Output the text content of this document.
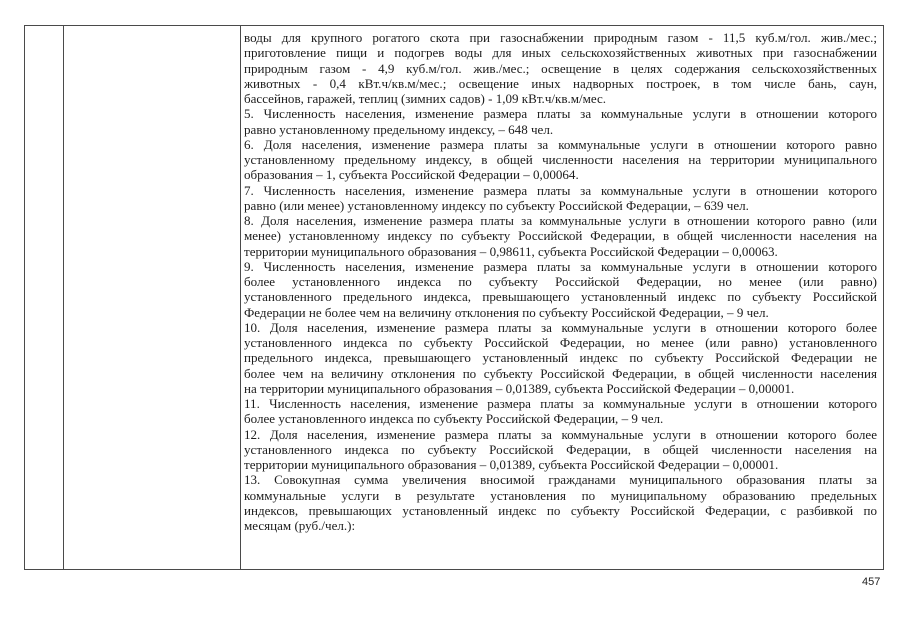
воды для крупного рогатого скота при газоснабжении природным газом - 11,5 куб.м/гол. жив./мес.;
приготовление пищи и подогрев воды для иных сельскохозяйственных животных при газоснабжении
природным газом - 4,9 куб.м/гол. жив./мес.; освещение в целях содержания сельскохозяйственных
животных - 0,4 кВт.ч/кв.м/мес.; освещение иных надворных построек, в том числе бань, саун,
бассейнов, гаражей, теплиц (зимних садов) - 1,09 кВт.ч/кв.м/мес.
5. Численность населения, изменение размера платы за коммунальные услуги в отношении которого
равно установленному предельному индексу, – 648 чел.
6. Доля населения, изменение размера платы за коммунальные услуги в отношении которого равно
установленному предельному индексу, в общей численности населения на территории муниципального
образования – 1, субъекта Российской Федерации – 0,00064.
7. Численность населения, изменение размера платы за коммунальные услуги в отношении которого
равно (или менее) установленному индексу по субъекту Российской Федерации, – 639 чел.
8. Доля населения, изменение размера платы за коммунальные услуги в отношении которого равно (или
менее) установленному индексу по субъекту Российской Федерации, в общей численности населения на
территории муниципального образования – 0,98611, субъекта Российской Федерации – 0,00063.
9. Численность населения, изменение размера платы за коммунальные услуги в отношении которого
более установленного индекса по субъекту Российской Федерации, но менее (или равно)
установленного предельного индекса, превышающего установленный индекс по субъекту Российской
Федерации не более чем на величину отклонения по субъекту Российской Федерации, – 9 чел.
10. Доля населения, изменение размера платы за коммунальные услуги в отношении которого более
установленного индекса по субъекту Российской Федерации, но менее (или равно) установленного
предельного индекса, превышающего установленный индекс по субъекту Российской Федерации не
более чем на величину отклонения по субъекту Российской Федерации, в общей численности населения
на территории муниципального образования – 0,01389, субъекта Российской Федерации – 0,00001.
11. Численность населения, изменение размера платы за коммунальные услуги в отношении которого
более установленного индекса по субъекту Российской Федерации, – 9 чел.
12. Доля населения, изменение размера платы за коммунальные услуги в отношении которого более
установленного индекса по субъекту Российской Федерации, в общей численности населения на
территории муниципального образования – 0,01389, субъекта Российской Федерации – 0,00001.
13. Совокупная сумма увеличения вносимой гражданами муниципального образования платы за
коммунальные услуги в результате установления по муниципальному образованию предельных
индексов, превышающих установленный индекс по субъекту Российской Федерации, с разбивкой по
месяцам (руб./чел.):
457
